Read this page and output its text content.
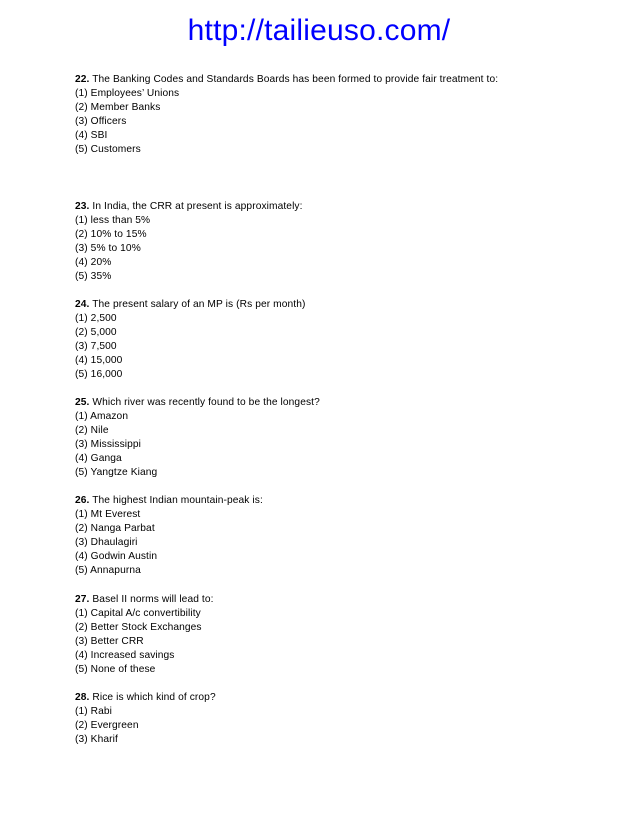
http://tailieuso.com/
22. The Banking Codes and Standards Boards has been formed to provide fair treatment to:
(1) Employees’ Unions
(2) Member Banks
(3) Officers
(4) SBI
(5) Customers
23. In India, the CRR at present is approximately:
(1) less than 5%
(2) 10% to 15%
(3) 5% to 10%
(4) 20%
(5) 35%
24. The present salary of an MP is (Rs per month)
(1) 2,500
(2) 5,000
(3) 7,500
(4) 15,000
(5) 16,000
25. Which river was recently found to be the longest?
(1) Amazon
(2) Nile
(3) Mississippi
(4) Ganga
(5) Yangtze Kiang
26. The highest Indian mountain-peak is:
(1) Mt Everest
(2) Nanga Parbat
(3) Dhaulagiri
(4) Godwin Austin
(5) Annapurna
27. Basel II norms will lead to:
(1) Capital A/c convertibility
(2) Better Stock Exchanges
(3) Better CRR
(4) Increased savings
(5) None of these
28. Rice is which kind of crop?
(1) Rabi
(2) Evergreen
(3) Kharif
